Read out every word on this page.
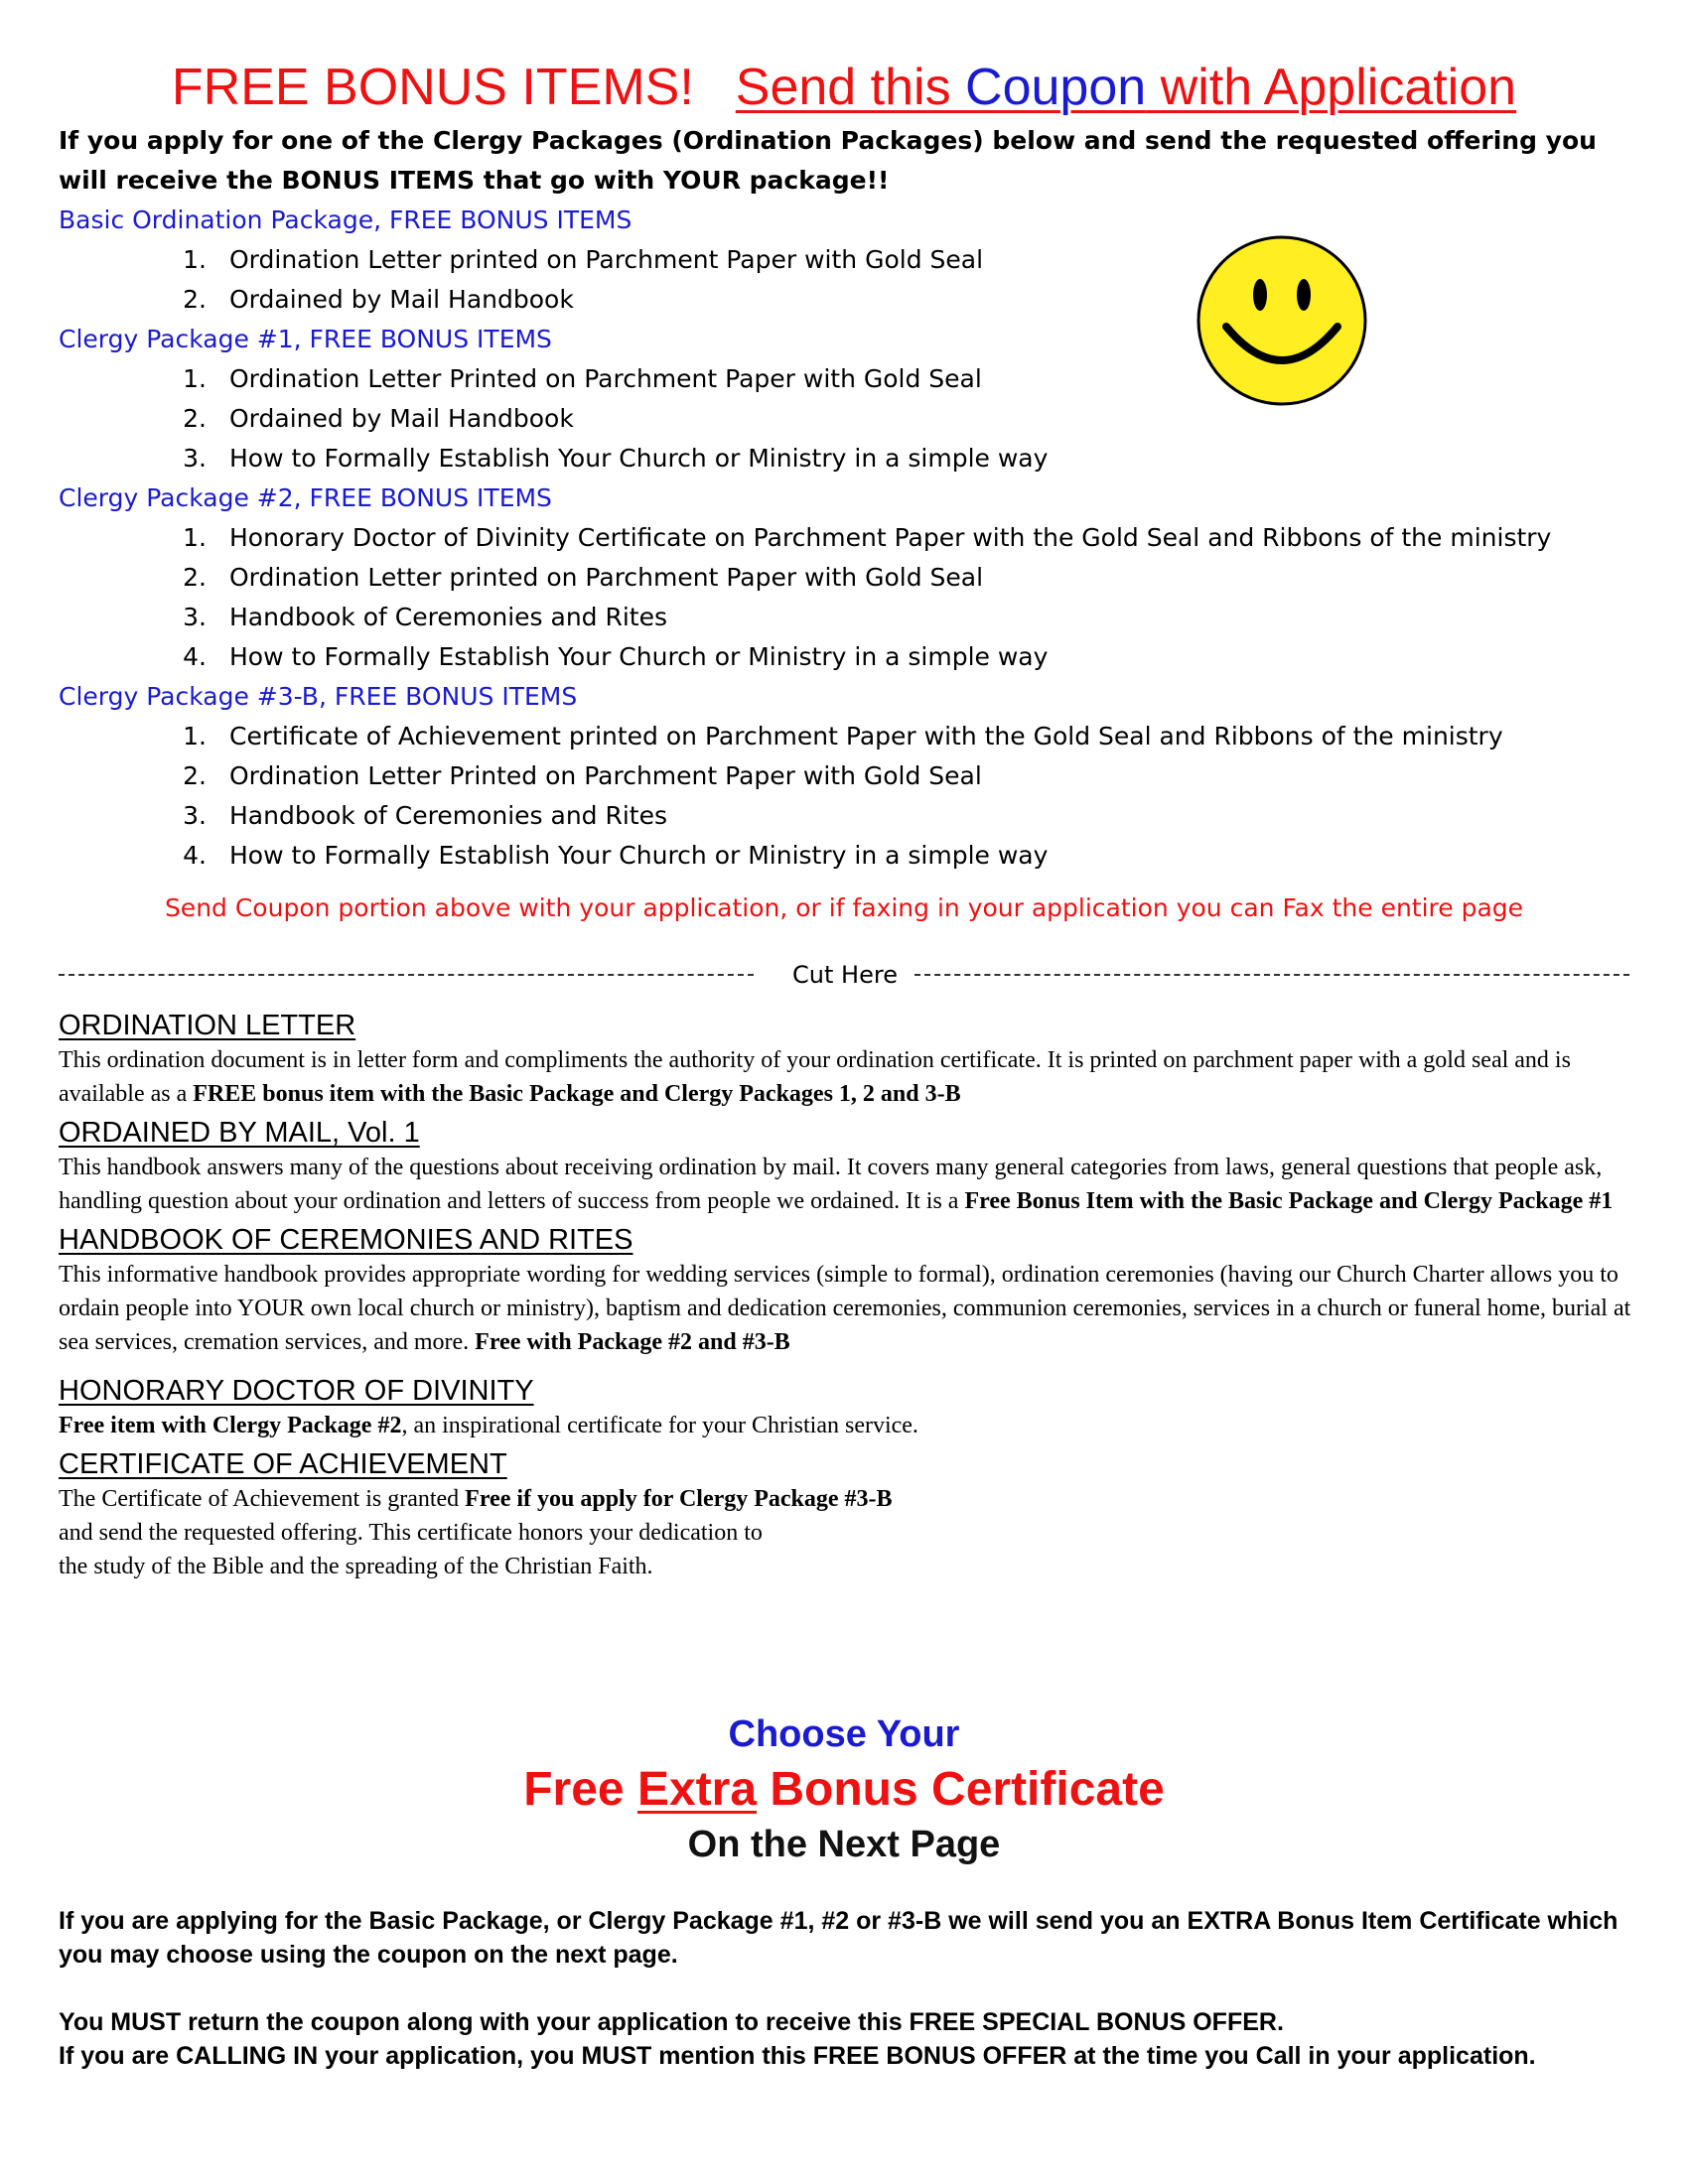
FREE BONUS ITEMS! Send this Coupon with Application
If you apply for one of the Clergy Packages (Ordination Packages) below and send the requested offering you will receive the BONUS ITEMS that go with YOUR package!!
Basic Ordination Package, FREE BONUS ITEMS
1. Ordination Letter printed on Parchment Paper with Gold Seal
2. Ordained by Mail Handbook
Clergy Package #1, FREE BONUS ITEMS
1. Ordination Letter Printed on Parchment Paper with Gold Seal
2. Ordained by Mail Handbook
3. How to Formally Establish Your Church or Ministry in a simple way
Clergy Package #2, FREE BONUS ITEMS
1. Honorary Doctor of Divinity Certificate on Parchment Paper with the Gold Seal and Ribbons of the ministry
2. Ordination Letter printed on Parchment Paper with Gold Seal
3. Handbook of Ceremonies and Rites
4. How to Formally Establish Your Church or Ministry in a simple way
Clergy Package #3-B, FREE BONUS ITEMS
1. Certificate of Achievement printed on Parchment Paper with the Gold Seal and Ribbons of the ministry
2. Ordination Letter Printed on Parchment Paper with Gold Seal
3. Handbook of Ceremonies and Rites
4. How to Formally Establish Your Church or Ministry in a simple way
Send Coupon portion above with your application, or if faxing in your application you can Fax the entire page
Cut Here

ORDINATION LETTER

This ordination document is in letter form and compliments the authority of your ordination certificate. It is printed on parchment paper with a gold seal and is available as a FREE bonus item with the Basic Package and Clergy Packages 1, 2 and 3-B

ORDAINED BY MAIL, Vol. 1

This handbook answers many of the questions about receiving ordination by mail. It covers many general categories from laws, general questions that people ask, handling question about your ordination and letters of success from people we ordained. It is a Free Bonus Item with the Basic Package and Clergy Package #1

HANDBOOK OF CEREMONIES AND RITES

This informative handbook provides appropriate wording for wedding services (simple to formal), ordination ceremonies (having our Church Charter allows you to ordain people into YOUR own local church or ministry), baptism and dedication ceremonies, communion ceremonies, services in a church or funeral home, burial at sea services, cremation services, and more. Free with Package #2 and #3-B

HONORARY DOCTOR OF DIVINITY

Free item with Clergy Package #2, an inspirational certificate for your Christian service.

CERTIFICATE OF ACHIEVEMENT

The Certificate of Achievement is granted Free if you apply for Clergy Package #3-B
and send the requested offering. This certificate honors your dedication to
the study of the Bible and the spreading of the Christian Faith.

Choose Your
Free Extra Bonus Certificate
On the Next Page

If you are applying for the Basic Package, or Clergy Package #1, #2 or #3-B we will send you an EXTRA Bonus Item Certificate which you may choose using the coupon on the next page.

You MUST return the coupon along with your application to receive this FREE SPECIAL BONUS OFFER.

If you are CALLING IN your application, you MUST mention this FREE BONUS OFFER at the time you Call in your application.
